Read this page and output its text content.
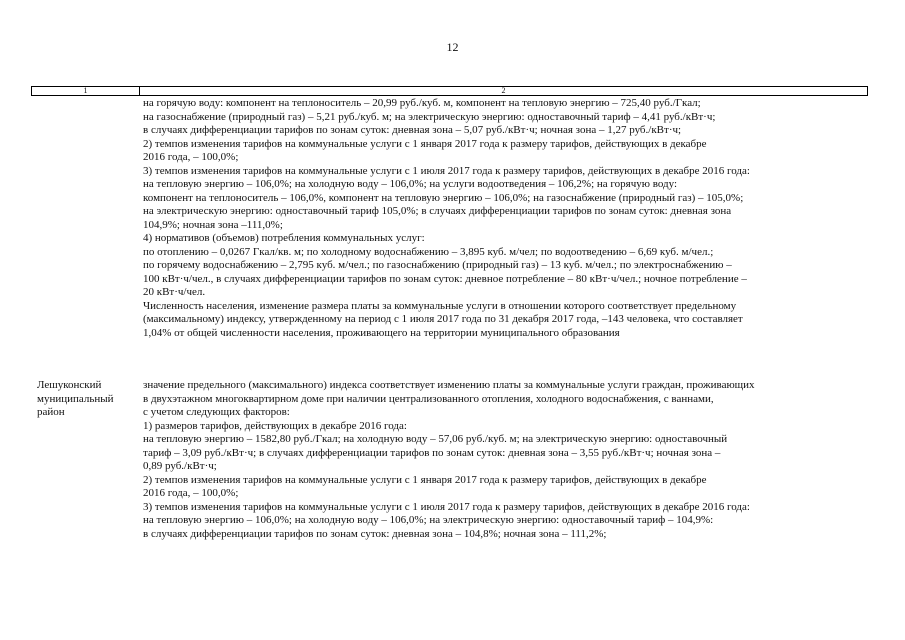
12
1	2
на горячую воду: компонент на теплоноситель – 20,99 руб./куб. м, компонент на тепловую энергию – 725,40 руб./Гкал;
на газоснабжение (природный газ) – 5,21 руб./куб. м; на электрическую энергию: одноставочный тариф – 4,41 руб./кВт·ч;
в случаях дифференциации тарифов по зонам суток: дневная зона – 5,07 руб./кВт·ч; ночная зона – 1,27 руб./кВт·ч;
2) темпов изменения тарифов на коммунальные услуги с 1 января 2017 года к размеру тарифов, действующих в декабре
2016 года, – 100,0%;
3) темпов изменения тарифов на коммунальные услуги с 1 июля 2017 года к размеру тарифов, действующих в декабре 2016 года:
на тепловую энергию – 106,0%; на холодную воду – 106,0%; на услуги водоотведения – 106,2%; на горячую воду:
компонент на теплоноситель – 106,0%, компонент на тепловую энергию – 106,0%; на газоснабжение (природный газ) – 105,0%;
на электрическую энергию: одноставочный тариф 105,0%; в случаях дифференциации тарифов по зонам суток: дневная зона
104,9%; ночная зона –111,0%;
4) нормативов (объемов) потребления коммунальных услуг:
по отоплению – 0,0267 Гкал/кв. м; по холодному водоснабжению – 3,895 куб. м/чел; по водоотведению – 6,69 куб. м/чел.;
по горячему водоснабжению – 2,795 куб. м/чел.; по газоснабжению (природный газ) – 13 куб. м/чел.; по электроснабжению –
100 кВт·ч/чел., в случаях дифференциации тарифов по зонам суток: дневное потребление – 80 кВт·ч/чел.; ночное потребление –
20 кВт·ч/чел.
Численность населения, изменение размера платы за коммунальные услуги в отношении которого соответствует предельному
(максимальному) индексу, утвержденному на период с 1 июля 2017 года по 31 декабря 2017 года, –143 человека, что составляет
1,04% от общей численности населения, проживающего на территории муниципального образования
Лешуконский
муниципальный
район
значение предельного (максимального) индекса соответствует изменению платы за коммунальные услуги граждан, проживающих
в двухэтажном многоквартирном доме при наличии централизованного отопления, холодного водоснабжения, с ваннами,
с учетом следующих факторов:
1) размеров тарифов, действующих в декабре 2016 года:
на тепловую энергию – 1582,80 руб./Гкал; на холодную воду – 57,06 руб./куб. м; на электрическую энергию: одноставочный
тариф – 3,09 руб./кВт·ч; в случаях дифференциации тарифов по зонам суток: дневная зона – 3,55 руб./кВт·ч; ночная зона –
0,89 руб./кВт·ч;
2) темпов изменения тарифов на коммунальные услуги с 1 января 2017 года к размеру тарифов, действующих в декабре
2016 года, – 100,0%;
3) темпов изменения тарифов на коммунальные услуги с 1 июля 2017 года к размеру тарифов, действующих в декабре 2016 года:
на тепловую энергию – 106,0%; на холодную воду – 106,0%; на электрическую энергию: одноставочный тариф – 104,9%:
в случаях дифференциации тарифов по зонам суток: дневная зона – 104,8%; ночная зона – 111,2%;
